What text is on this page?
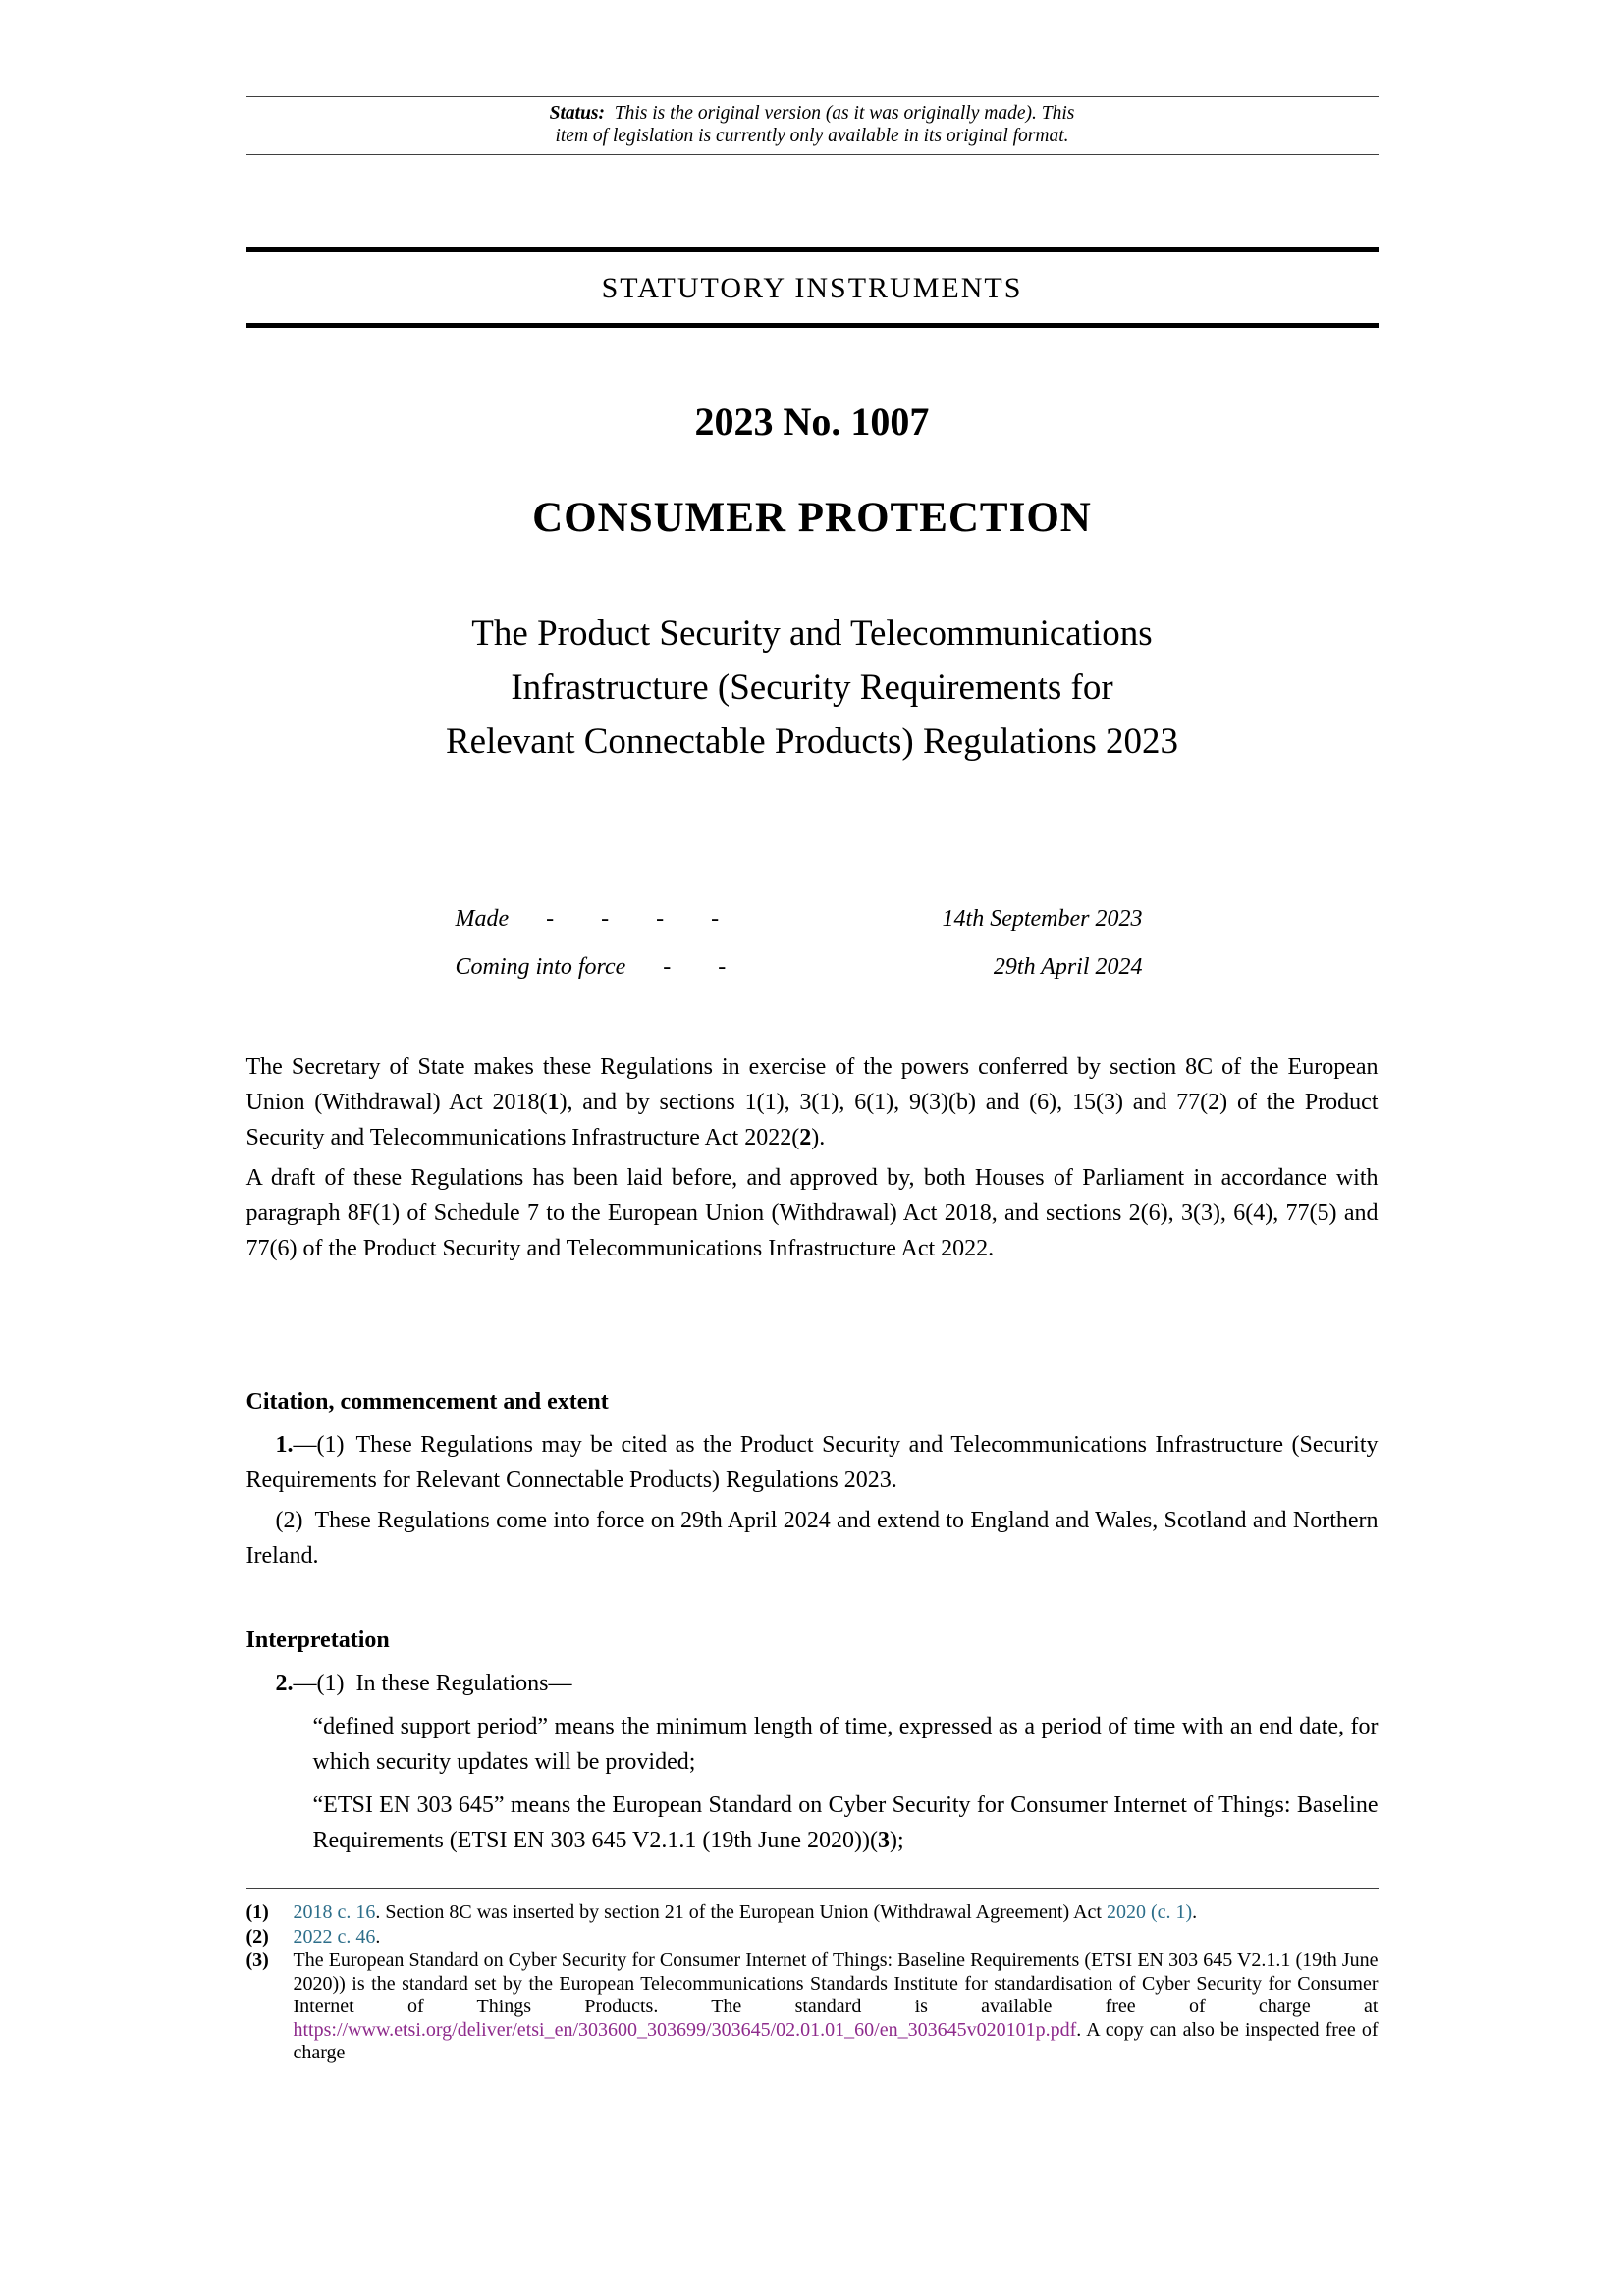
Status: This is the original version (as it was originally made). This
item of legislation is currently only available in its original format.
STATUTORY INSTRUMENTS
2023 No. 1007
CONSUMER PROTECTION
The Product Security and Telecommunications
Infrastructure (Security Requirements for
Relevant Connectable Products) Regulations 2023
Made -  -  -  -	14th September 2023
Coming into force -  -	29th April 2024

The Secretary of State makes these Regulations in exercise of the powers conferred by section 8C of the European Union (Withdrawal) Act 2018(1), and by sections 1(1), 3(1), 6(1), 9(3)(b) and (6), 15(3) and 77(2) of the Product Security and Telecommunications Infrastructure Act 2022(2).

A draft of these Regulations has been laid before, and approved by, both Houses of Parliament in accordance with paragraph 8F(1) of Schedule 7 to the European Union (Withdrawal) Act 2018, and sections 2(6), 3(3), 6(4), 77(5) and 77(6) of the Product Security and Telecommunications Infrastructure Act 2022.

Citation, commencement and extent

1.—(1) These Regulations may be cited as the Product Security and Telecommunications Infrastructure (Security Requirements for Relevant Connectable Products) Regulations 2023.

(2) These Regulations come into force on 29th April 2024 and extend to England and Wales, Scotland and Northern Ireland.

Interpretation

2.—(1) In these Regulations—

“defined support period” means the minimum length of time, expressed as a period of time with an end date, for which security updates will be provided;

“ETSI EN 303 645” means the European Standard on Cyber Security for Consumer Internet of Things: Baseline Requirements (ETSI EN 303 645 V2.1.1 (19th June 2020))(3);

(1)	2018 c. 16. Section 8C was inserted by section 21 of the European Union (Withdrawal Agreement) Act 2020 (c. 1).
(2)	2022 c. 46.
(3)	The European Standard on Cyber Security for Consumer Internet of Things: Baseline Requirements (ETSI EN 303 645 V2.1.1 (19th June 2020)) is the standard set by the European Telecommunications Standards Institute for standardisation of Cyber Security for Consumer Internet of Things Products. The standard is available free of charge at https://www.etsi.org/deliver/etsi_en/303600_303699/303645/02.01.01_60/en_303645v020101p.pdf. A copy can also be inspected free of charge
